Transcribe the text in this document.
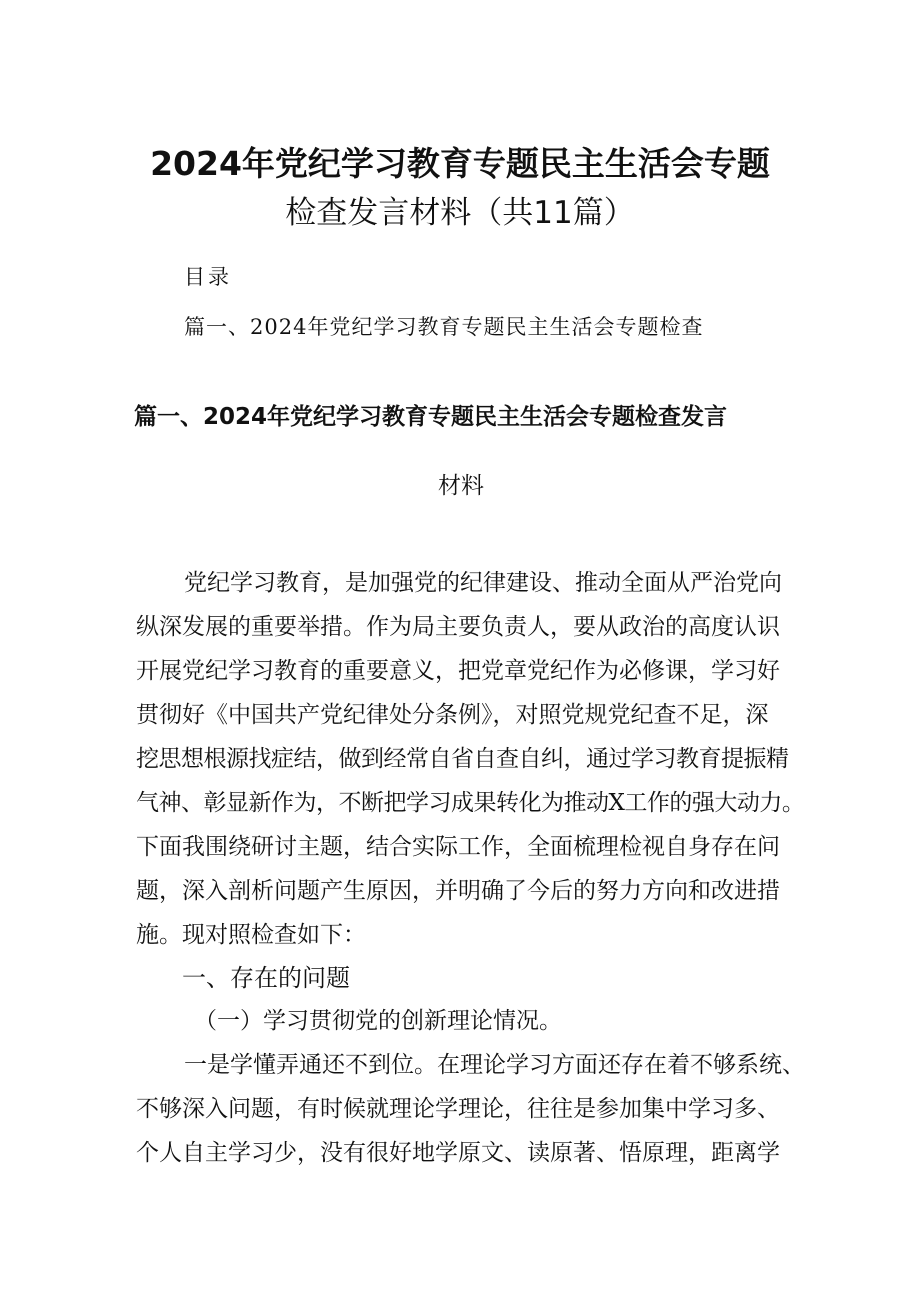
2024年党纪学习教育专题民主生活会专题
检查发言材料（共11篇）
目录
篇一、2024年党纪学习教育专题民主生活会专题检查
篇一、2024年党纪学习教育专题民主生活会专题检查发言
材料
党纪学习教育，是加强党的纪律建设、推动全面从严治党向
纵深发展的重要举措。作为局主要负责人，要从政治的高度认识
开展党纪学习教育的重要意义，把党章党纪作为必修课，学习好
贯彻好《中国共产党纪律处分条例》，对照党规党纪查不足，深
挖思想根源找症结，做到经常自省自查自纠，通过学习教育提振精
气神、彰显新作为，不断把学习成果转化为推动X工作的强大动力。
下面我围绕研讨主题，结合实际工作，全面梳理检视自身存在问
题，深入剖析问题产生原因，并明确了今后的努力方向和改进措
施。现对照检查如下：
一、存在的问题
（一）学习贯彻党的创新理论情况。
一是学懂弄通还不到位。在理论学习方面还存在着不够系统、
不够深入问题，有时候就理论学理论，往往是参加集中学习多、
个人自主学习少，没有很好地学原文、读原著、悟原理，距离学
